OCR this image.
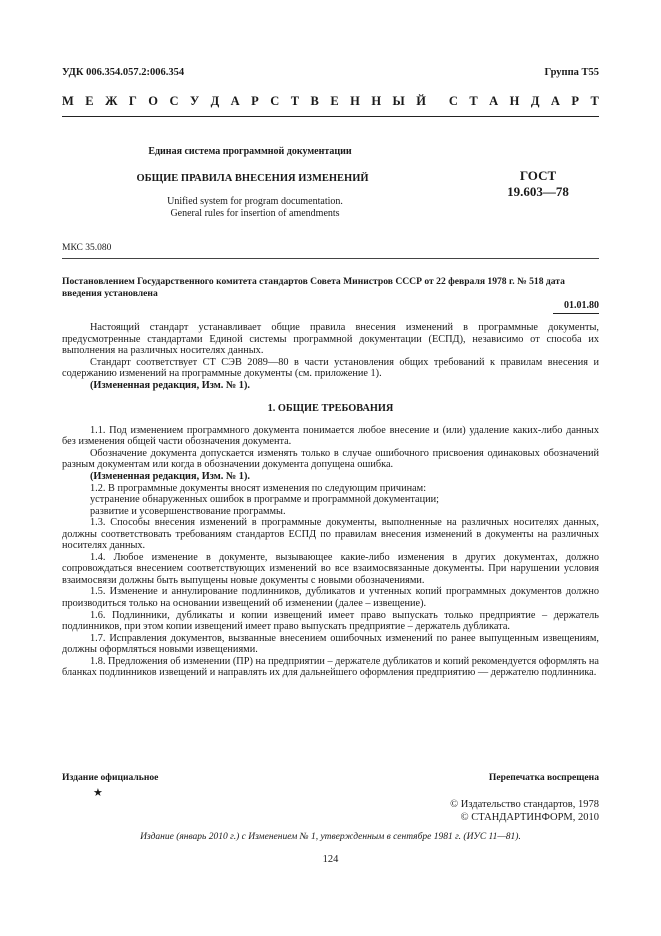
УДК 006.354.057.2:006.354	Группа Т55
М Е Ж Г О С У Д А Р С Т В Е Н Н Ы Й С Т А Н Д А Р Т
Единая система программной документации
ОБЩИЕ ПРАВИЛА ВНЕСЕНИЯ ИЗМЕНЕНИЙ
Unified system for program documentation.
General rules for insertion of amendments
ГОСТ
19.603—78
МКС 35.080
Постановлением Государственного комитета стандартов Совета Министров СССР от 22 февраля 1978 г. № 518 дата введения установлена
01.01.80

Настоящий стандарт устанавливает общие правила внесения изменений в программные документы, предусмотренные стандартами Единой системы программной документации (ЕСПД), независимо от способа их выполнения на различных носителях данных.

Стандарт соответствует СТ СЭВ 2089—80 в части установления общих требований к правилам внесения и содержанию изменений на программные документы (см. приложение 1).

(Измененная редакция, Изм. № 1).

1. ОБЩИЕ ТРЕБОВАНИЯ

1.1. Под изменением программного документа понимается любое внесение и (или) удаление каких-либо данных без изменения общей части обозначения документа.

Обозначение документа допускается изменять только в случае ошибочного присвоения одинаковых обозначений разным документам или когда в обозначении документа допущена ошибка.

(Измененная редакция, Изм. № 1).

1.2. В программные документы вносят изменения по следующим причинам:

устранение обнаруженных ошибок в программе и программной документации;

развитие и усовершенствование программы.

1.3. Способы внесения изменений в программные документы, выполненные на различных носителях данных, должны соответствовать требованиям стандартов ЕСПД по правилам внесения изменений в документы на различных носителях данных.

1.4. Любое изменение в документе, вызывающее какие-либо изменения в других документах, должно сопровождаться внесением соответствующих изменений во все взаимосвязанные документы. При нарушении условия взаимосвязи должны быть выпущены новые документы с новыми обозначениями.

1.5. Изменение и аннулирование подлинников, дубликатов и учтенных копий программных документов должно производиться только на основании извещений об изменении (далее – извещение).

1.6. Подлинники, дубликаты и копии извещений имеет право выпускать только предприятие – держатель подлинников, при этом копии извещений имеет право выпускать предприятие – держатель дубликата.

1.7. Исправления документов, вызванные внесением ошибочных изменений по ранее выпущенным извещениям, должны оформляться новыми извещениями.

1.8. Предложения об изменении (ПР) на предприятии – держателе дубликатов и копий рекомендуется оформлять на бланках подлинников извещений и направлять их для дальнейшего оформления предприятию — держателю подлинника.

Издание официальное	Перепечатка воспрещена
★
© Издательство стандартов, 1978
© СТАНДАРТИНФОРМ, 2010
Издание (январь 2010 г.) с Изменением № 1, утвержденным в сентябре 1981 г. (ИУС 11—81).
124
